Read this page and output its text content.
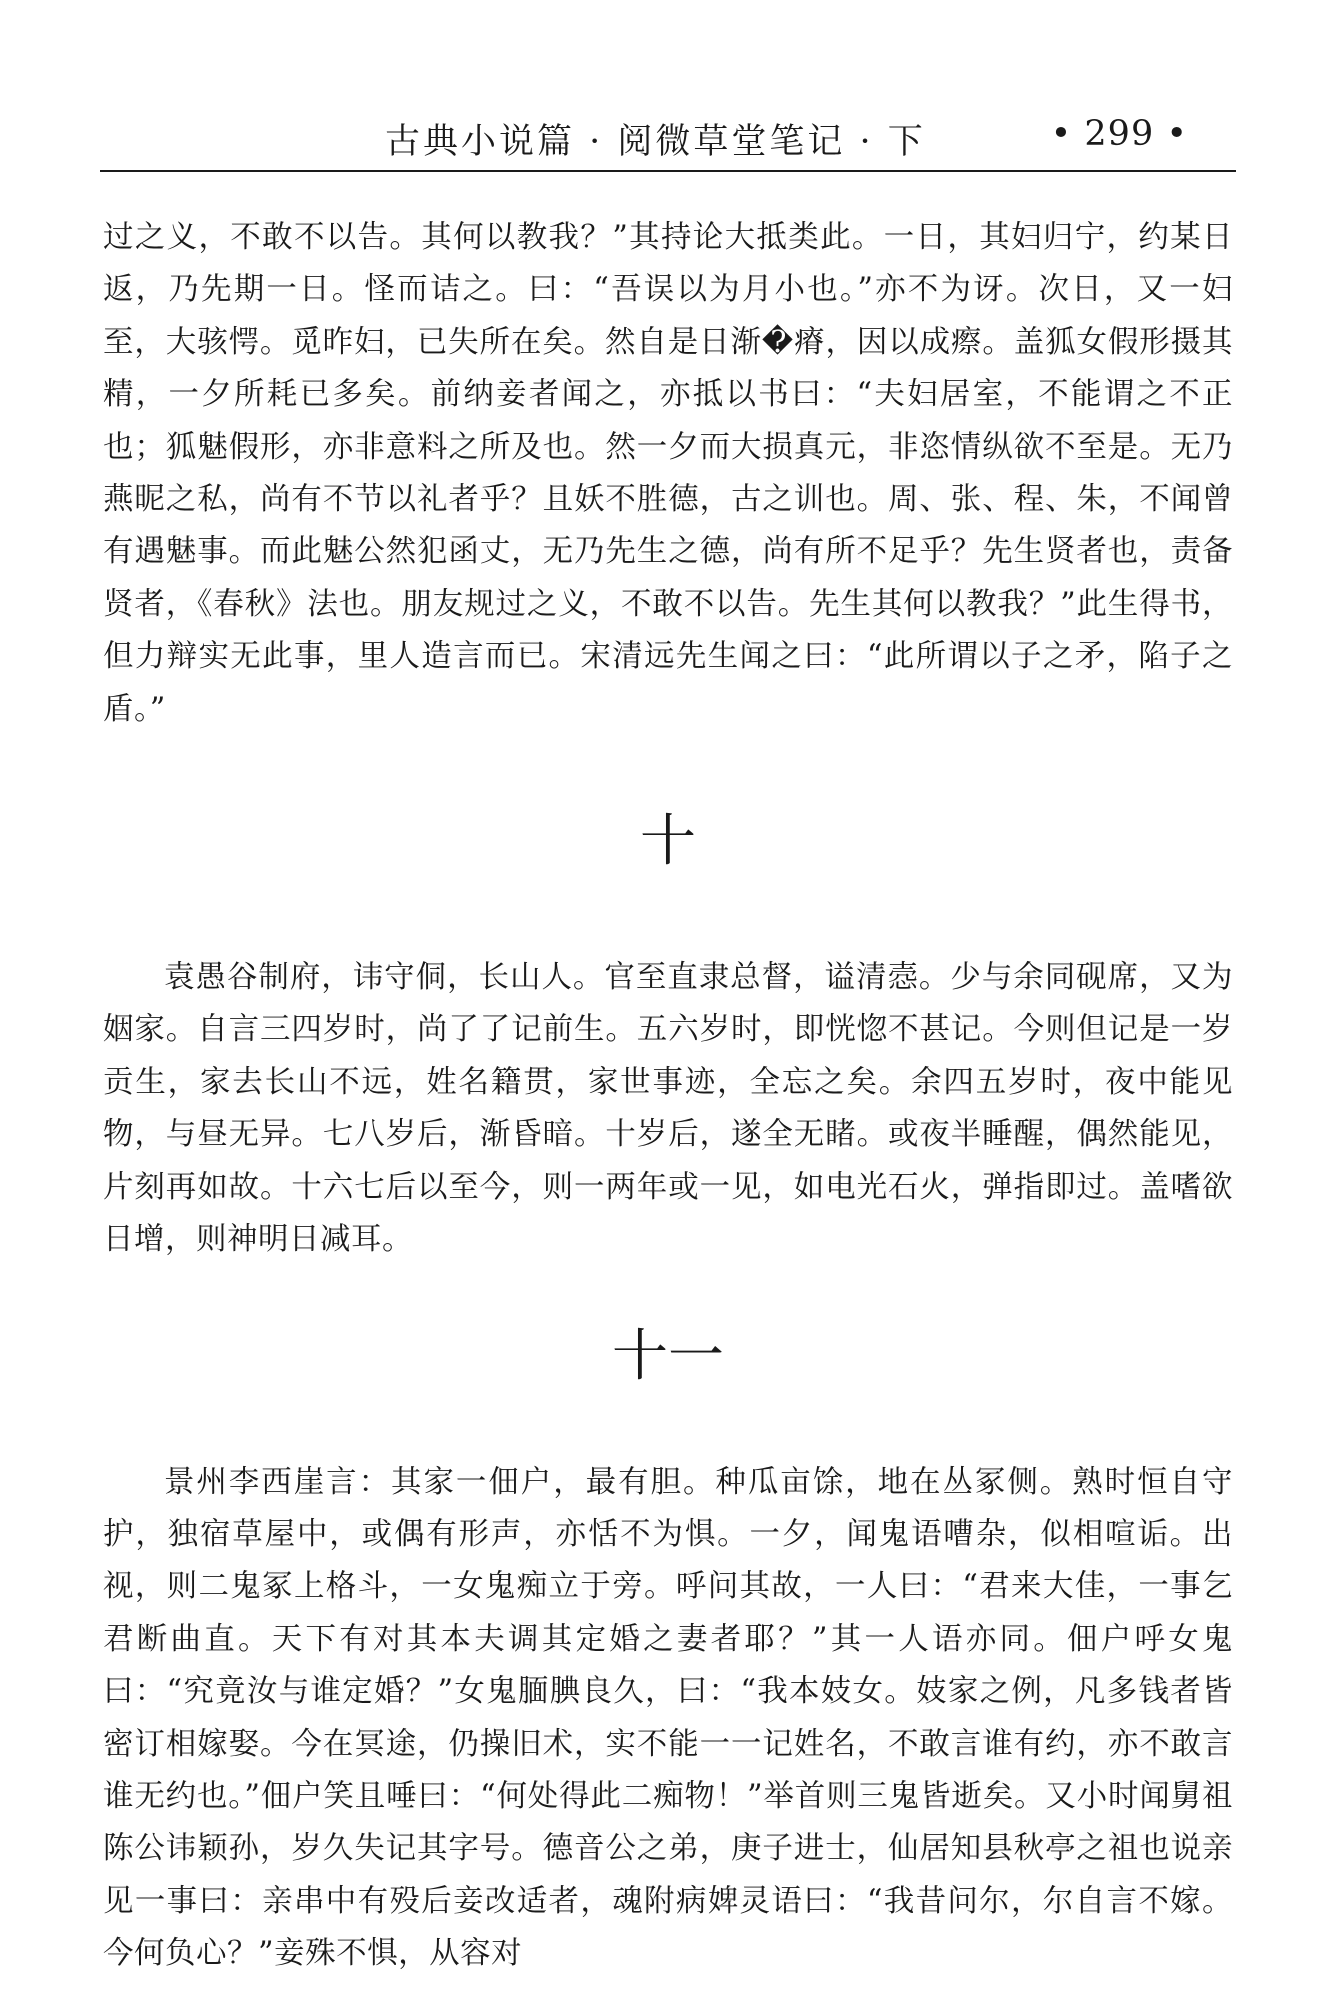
古典小说篇 · 阅微草堂笔记 · 下	• 299 •

过之义，不敢不以告。其何以教我？”其持论大抵类此。一日，其妇归宁，约某日返，乃先期一日。怪而诘之。曰：“吾误以为月小也。”亦不为讶。次日，又一妇至，大骇愕。觅昨妇，已失所在矣。然自是日渐�瘠，因以成瘵。盖狐女假形摄其精，一夕所耗已多矣。前纳妾者闻之，亦抵以书曰：“夫妇居室，不能谓之不正也；狐魅假形，亦非意料之所及也。然一夕而大损真元，非恣情纵欲不至是。无乃燕昵之私，尚有不节以礼者乎？且妖不胜德，古之训也。周、张、程、朱，不闻曾有遇魅事。而此魅公然犯函丈，无乃先生之德，尚有所不足乎？先生贤者也，责备贤者，《春秋》法也。朋友规过之义，不敢不以告。先生其何以教我？”此生得书，但力辩实无此事，里人造言而已。宋清远先生闻之曰：“此所谓以子之矛，陷子之盾。”

十

袁愚谷制府，讳守侗，长山人。官至直隶总督，谥清悫。少与余同砚席，又为姻家。自言三四岁时，尚了了记前生。五六岁时，即恍惚不甚记。今则但记是一岁贡生，家去长山不远，姓名籍贯，家世事迹，全忘之矣。余四五岁时，夜中能见物，与昼无异。七八岁后，渐昏暗。十岁后，遂全无睹。或夜半睡醒，偶然能见，片刻再如故。十六七后以至今，则一两年或一见，如电光石火，弹指即过。盖嗜欲日增，则神明日减耳。

十一

景州李西崖言：其家一佃户，最有胆。种瓜亩馀，地在丛冢侧。熟时恒自守护，独宿草屋中，或偶有形声，亦恬不为惧。一夕，闻鬼语嘈杂，似相喧诟。出视，则二鬼冢上格斗，一女鬼痴立于旁。呼问其故，一人曰：“君来大佳，一事乞君断曲直。天下有对其本夫调其定婚之妻者耶？”其一人语亦同。佃户呼女鬼曰：“究竟汝与谁定婚？”女鬼腼腆良久，曰：“我本妓女。妓家之例，凡多钱者皆密订相嫁娶。今在冥途，仍操旧术，实不能一一记姓名，不敢言谁有约，亦不敢言谁无约也。”佃户笑且唾曰：“何处得此二痴物！”举首则三鬼皆逝矣。又小时闻舅祖陈公讳颖孙，岁久失记其字号。德音公之弟，庚子进士，仙居知县秋亭之祖也说亲见一事曰：亲串中有殁后妾改适者，魂附病婢灵语曰：“我昔问尔，尔自言不嫁。今何负心？”妾殊不惧，从容对
